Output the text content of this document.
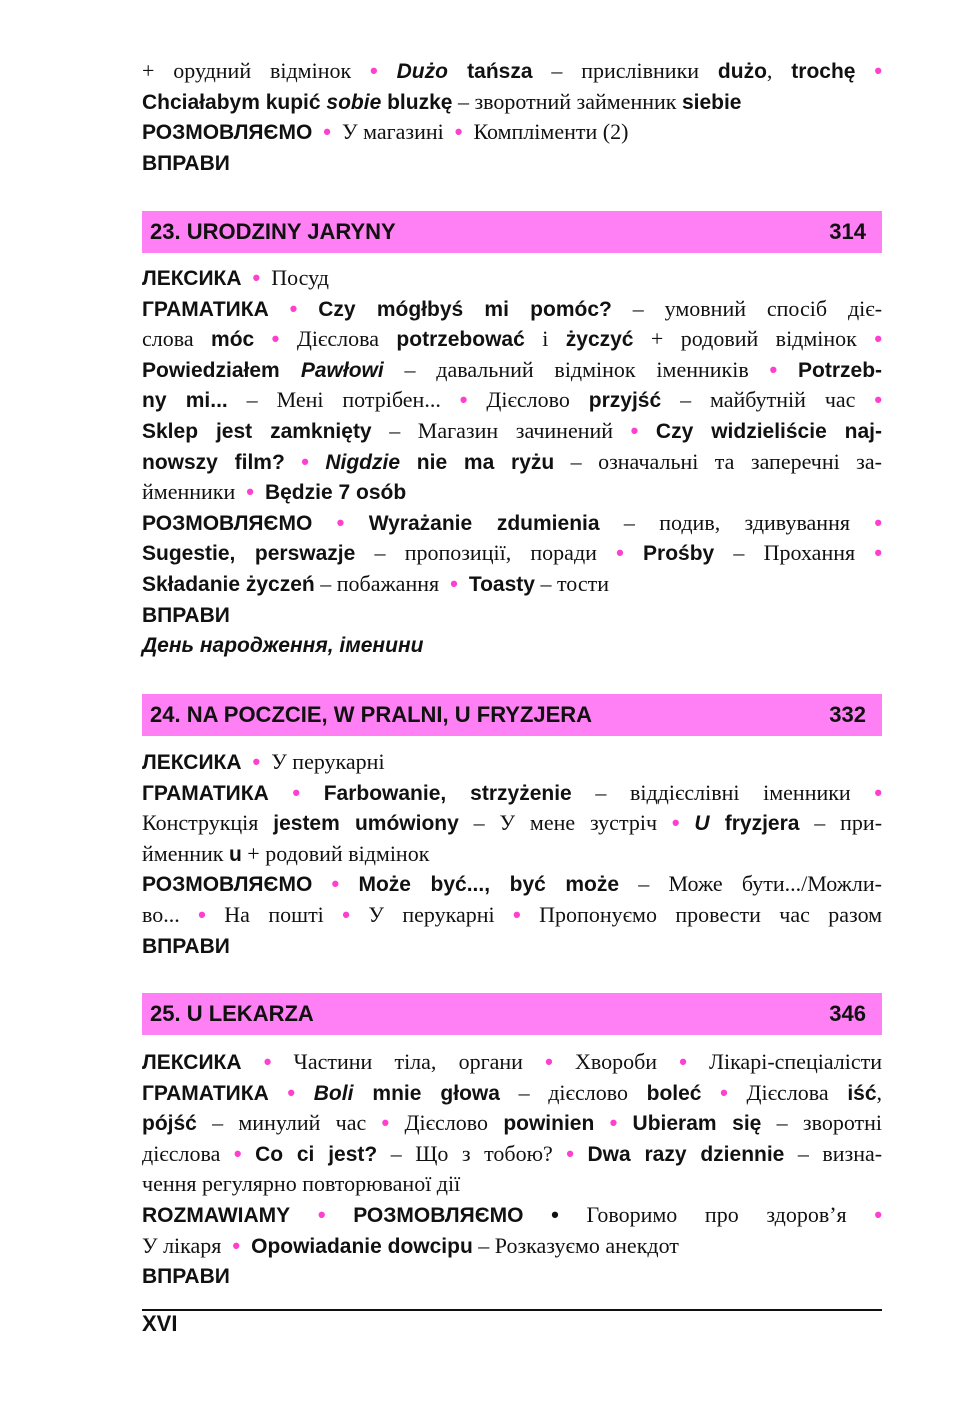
+ орудний відмінок • Dużo tańsza – прислівники dużo, trochę •
Chciałabym kupić sobie bluzkę – зворотний займенник siebie
РОЗМОВЛЯЄМО • У магазині • Компліменти (2)
ВПРАВИ
23. URODZINY JARYNY	314
ЛЕКСИКА • Посуд
ГРАМАТИКА • Czy mógłbyś mi pomóc? – умовний спосіб діє-
слова móc • Дієслова potrzebować і życzyć + родовий відмінок •
Powiedziałem Pawłowi – давальний відмінок іменників • Potrzeb-
ny mi... – Мені потрібен... • Дієслово przyjść – майбутній час •
Sklep jest zamknięty – Магазин зачинений • Czy widzieliście naj-
nowszy film? • Nigdzie nie ma ryżu – означальні та заперечні за-
йменники • Będzie 7 osób
РОЗМОВЛЯЄМО • Wyrażanie zdumienia – подив, здивування •
Sugestie, perswazje – пропозиції, поради • Prośby – Прохання •
Składanie życzeń – побажання • Toasty – тости
ВПРАВИ
День народження, іменини
24. NA POCZCIE, W PRALNI, U FRYZJERA	332
ЛЕКСИКА • У перукарні
ГРАМАТИКА • Farbowanie, strzyżenie – віддієслівні іменники •
Конструкція jestem umówiony – У мене зустріч • U fryzjera – при-
йменник u + родовий відмінок
РОЗМОВЛЯЄМО • Może być..., być może – Може бути.../Можли-
во... • На пошті • У перукарні • Пропонуємо провести час разом
ВПРАВИ
25. U LEKARZA	346
ЛЕКСИКА • Частини тіла, органи • Хвороби • Лікарі-спеціалісти
ГРАМАТИКА • Boli mnie głowa – дієслово boleć • Дієслова iść,
pójść – минулий час • Дієслово powinien • Ubieram się – зворотні
дієслова • Co ci jest? – Що з тобою? • Dwa razy dziennie – визна-
чення регулярно повторюваної дії
ROZMAWIAMY • РОЗМОВЛЯЄМО • Говоримо про здоров’я •
У лікаря • Opowiadanie dowcipu – Розказуємо анекдот
ВПРАВИ
XVI
